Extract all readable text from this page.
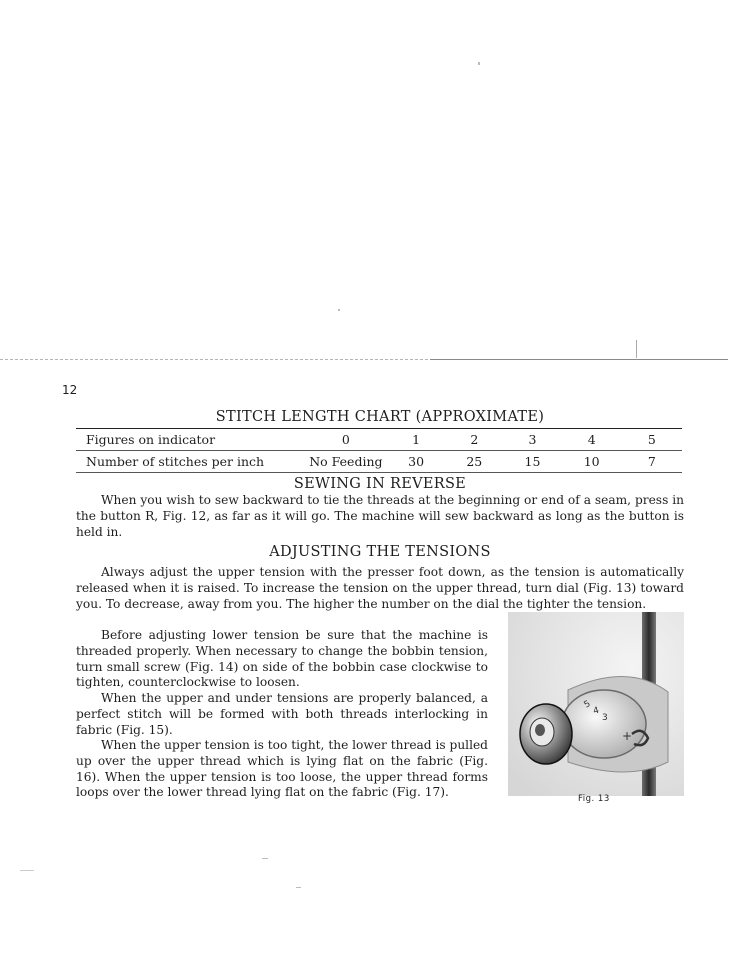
12
STITCH LENGTH CHART (APPROXIMATE)
Figures on indicator	0	1	2	3	4	5
Number of stitches per inch	No Feeding	30	25	15	10	7
SEWING IN REVERSE

When you wish to sew backward to tie the threads at the beginning or end of a seam, press in the button R, Fig. 12, as far as it will go. The machine will sew backward as long as the button is held in.

ADJUSTING THE TENSIONS

Always adjust the upper tension with the presser foot down, as the tension is automatically released when it is raised. To increase the tension on the upper thread, turn dial (Fig. 13) toward you. To decrease, away from you. The higher the number on the dial the tighter the tension.

Before adjusting lower tension be sure that the machine is threaded properly. When necessary to change the bobbin tension, turn small screw (Fig. 14) on side of the bobbin case clockwise to tighten, counterclockwise to loosen.

When the upper and under tensions are properly balanced, a perfect stitch will be formed with both threads interlocking in fabric (Fig. 15).

When the upper tension is too tight, the lower thread is pulled up over the upper thread which is lying flat on the fabric (Fig. 16). When the upper tension is too loose, the upper thread forms loops over the lower thread lying flat on the fabric (Fig. 17).

5
4
3
+
Fig. 13
